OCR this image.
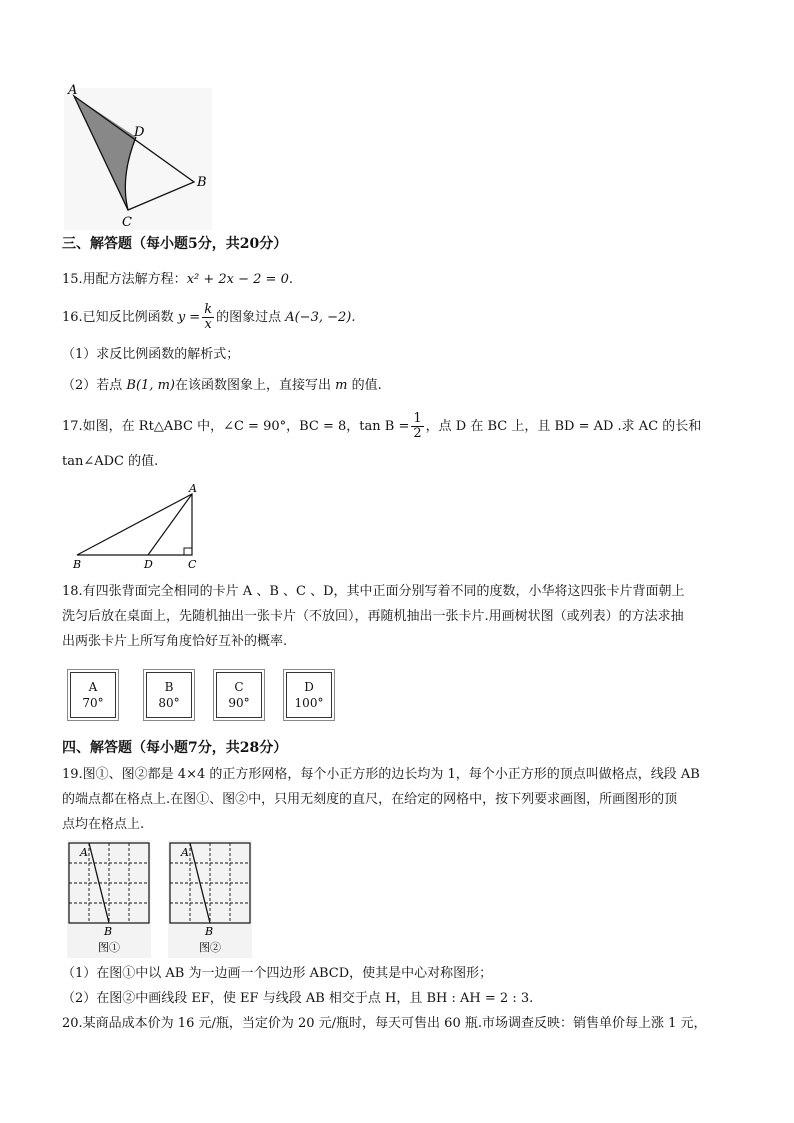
A
D
B
C
三、解答题（每小题5分，共20分）
15.用配方法解方程：x² + 2x − 2 = 0.
16.已知反比例函数 $y = \frac{k}{x}$ 的图象过点 A(−3, −2).
（1）求反比例函数的解析式；
（2）若点 B(1, m)在该函数图象上，直接写出 m 的值.
17.如图，在 Rt△ABC 中，∠C = 90°，BC = 8，$\tan B = \frac{1}{2}$ ，点 D 在 BC 上，且 BD = AD .求 AC 的长和
tan∠ADC 的值.
A
B	D	C
18.有四张背面完全相同的卡片 A 、B 、C 、D，其中正面分别写着不同的度数，小华将这四张卡片背面朝上
洗匀后放在桌面上，先随机抽出一张卡片（不放回），再随机抽出一张卡片.用画树状图（或列表）的方法求抽
出两张卡片上所写角度恰好互补的概率.
A
70°
B
80°
C
90°
D
100°
四、解答题（每小题7分，共28分）
19.图①、图②都是 4×4 的正方形网格，每个小正方形的边长均为 1，每个小正方形的顶点叫做格点，线段 AB
的端点都在格点上.在图①、图②中，只用无刻度的直尺，在给定的网格中，按下列要求画图，所画图形的顶
点均在格点上.
A
B
图①
A
B
图②
（1）在图①中以 AB 为一边画一个四边形 ABCD，使其是中心对称图形；
（2）在图②中画线段 EF，使 EF 与线段 AB 相交于点 H，且 BH : AH = 2 : 3.
20.某商品成本价为 16 元/瓶，当定价为 20 元/瓶时，每天可售出 60 瓶.市场调查反映：销售单价每上涨 1 元，
